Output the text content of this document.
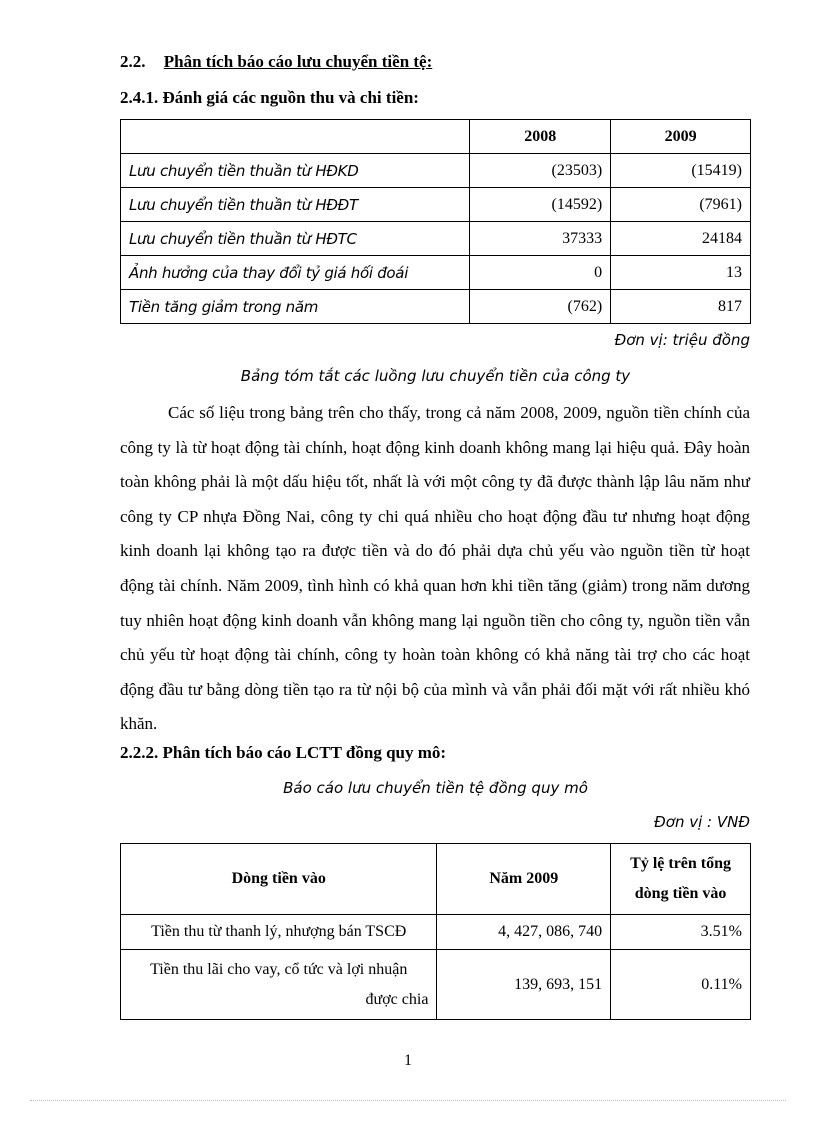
2.2. Phân tích báo cáo lưu chuyển tiền tệ:
2.4.1. Đánh giá các nguồn thu và chi tiền:
	2008	2009
Lưu chuyển tiền thuần từ HĐKD	(23503)	(15419)
Lưu chuyển tiền thuần từ HĐĐT	(14592)	(7961)
Lưu chuyển tiền thuần từ HĐTC	37333	24184
Ảnh hưởng của thay đổi tỷ giá hối đoái	0	13
Tiền tăng giảm trong năm	(762)	817
Đơn vị: triệu đồng
Bảng tóm tắt các luồng lưu chuyển tiền của công ty

Các số liệu trong bảng trên cho thấy, trong cả năm 2008, 2009, nguồn tiền chính của công ty là từ hoạt động tài chính, hoạt động kinh doanh không mang lại hiệu quả. Đây hoàn toàn không phải là một dấu hiệu tốt, nhất là với một công ty đã được thành lập lâu năm như công ty CP nhựa Đồng Nai, công ty chi quá nhiều cho hoạt động đầu tư nhưng hoạt động kinh doanh lại không tạo ra được tiền và do đó phải dựa chủ yếu vào nguồn tiền từ hoạt động tài chính. Năm 2009, tình hình có khả quan hơn khi tiền tăng (giảm) trong năm dương tuy nhiên hoạt động kinh doanh vẫn không mang lại nguồn tiền cho công ty, nguồn tiền vẫn chủ yếu từ hoạt động tài chính, công ty hoàn toàn không có khả năng tài trợ cho các hoạt động đầu tư bằng dòng tiền tạo ra từ nội bộ của mình và vẫn phải đối mặt với rất nhiều khó khăn.

2.2.2. Phân tích báo cáo LCTT đồng quy mô:
Báo cáo lưu chuyển tiền tệ đồng quy mô
Đơn vị : VNĐ
Dòng tiền vào	Năm 2009	Tỷ lệ trên tổng
dòng tiền vào

Tiền thu từ thanh lý, nhượng bán TSCĐ	4, 427, 086, 740	3.51%

Tiền thu lãi cho vay, cổ tức và lợi nhuận
được chia	139, 693, 151	0.11%
1
